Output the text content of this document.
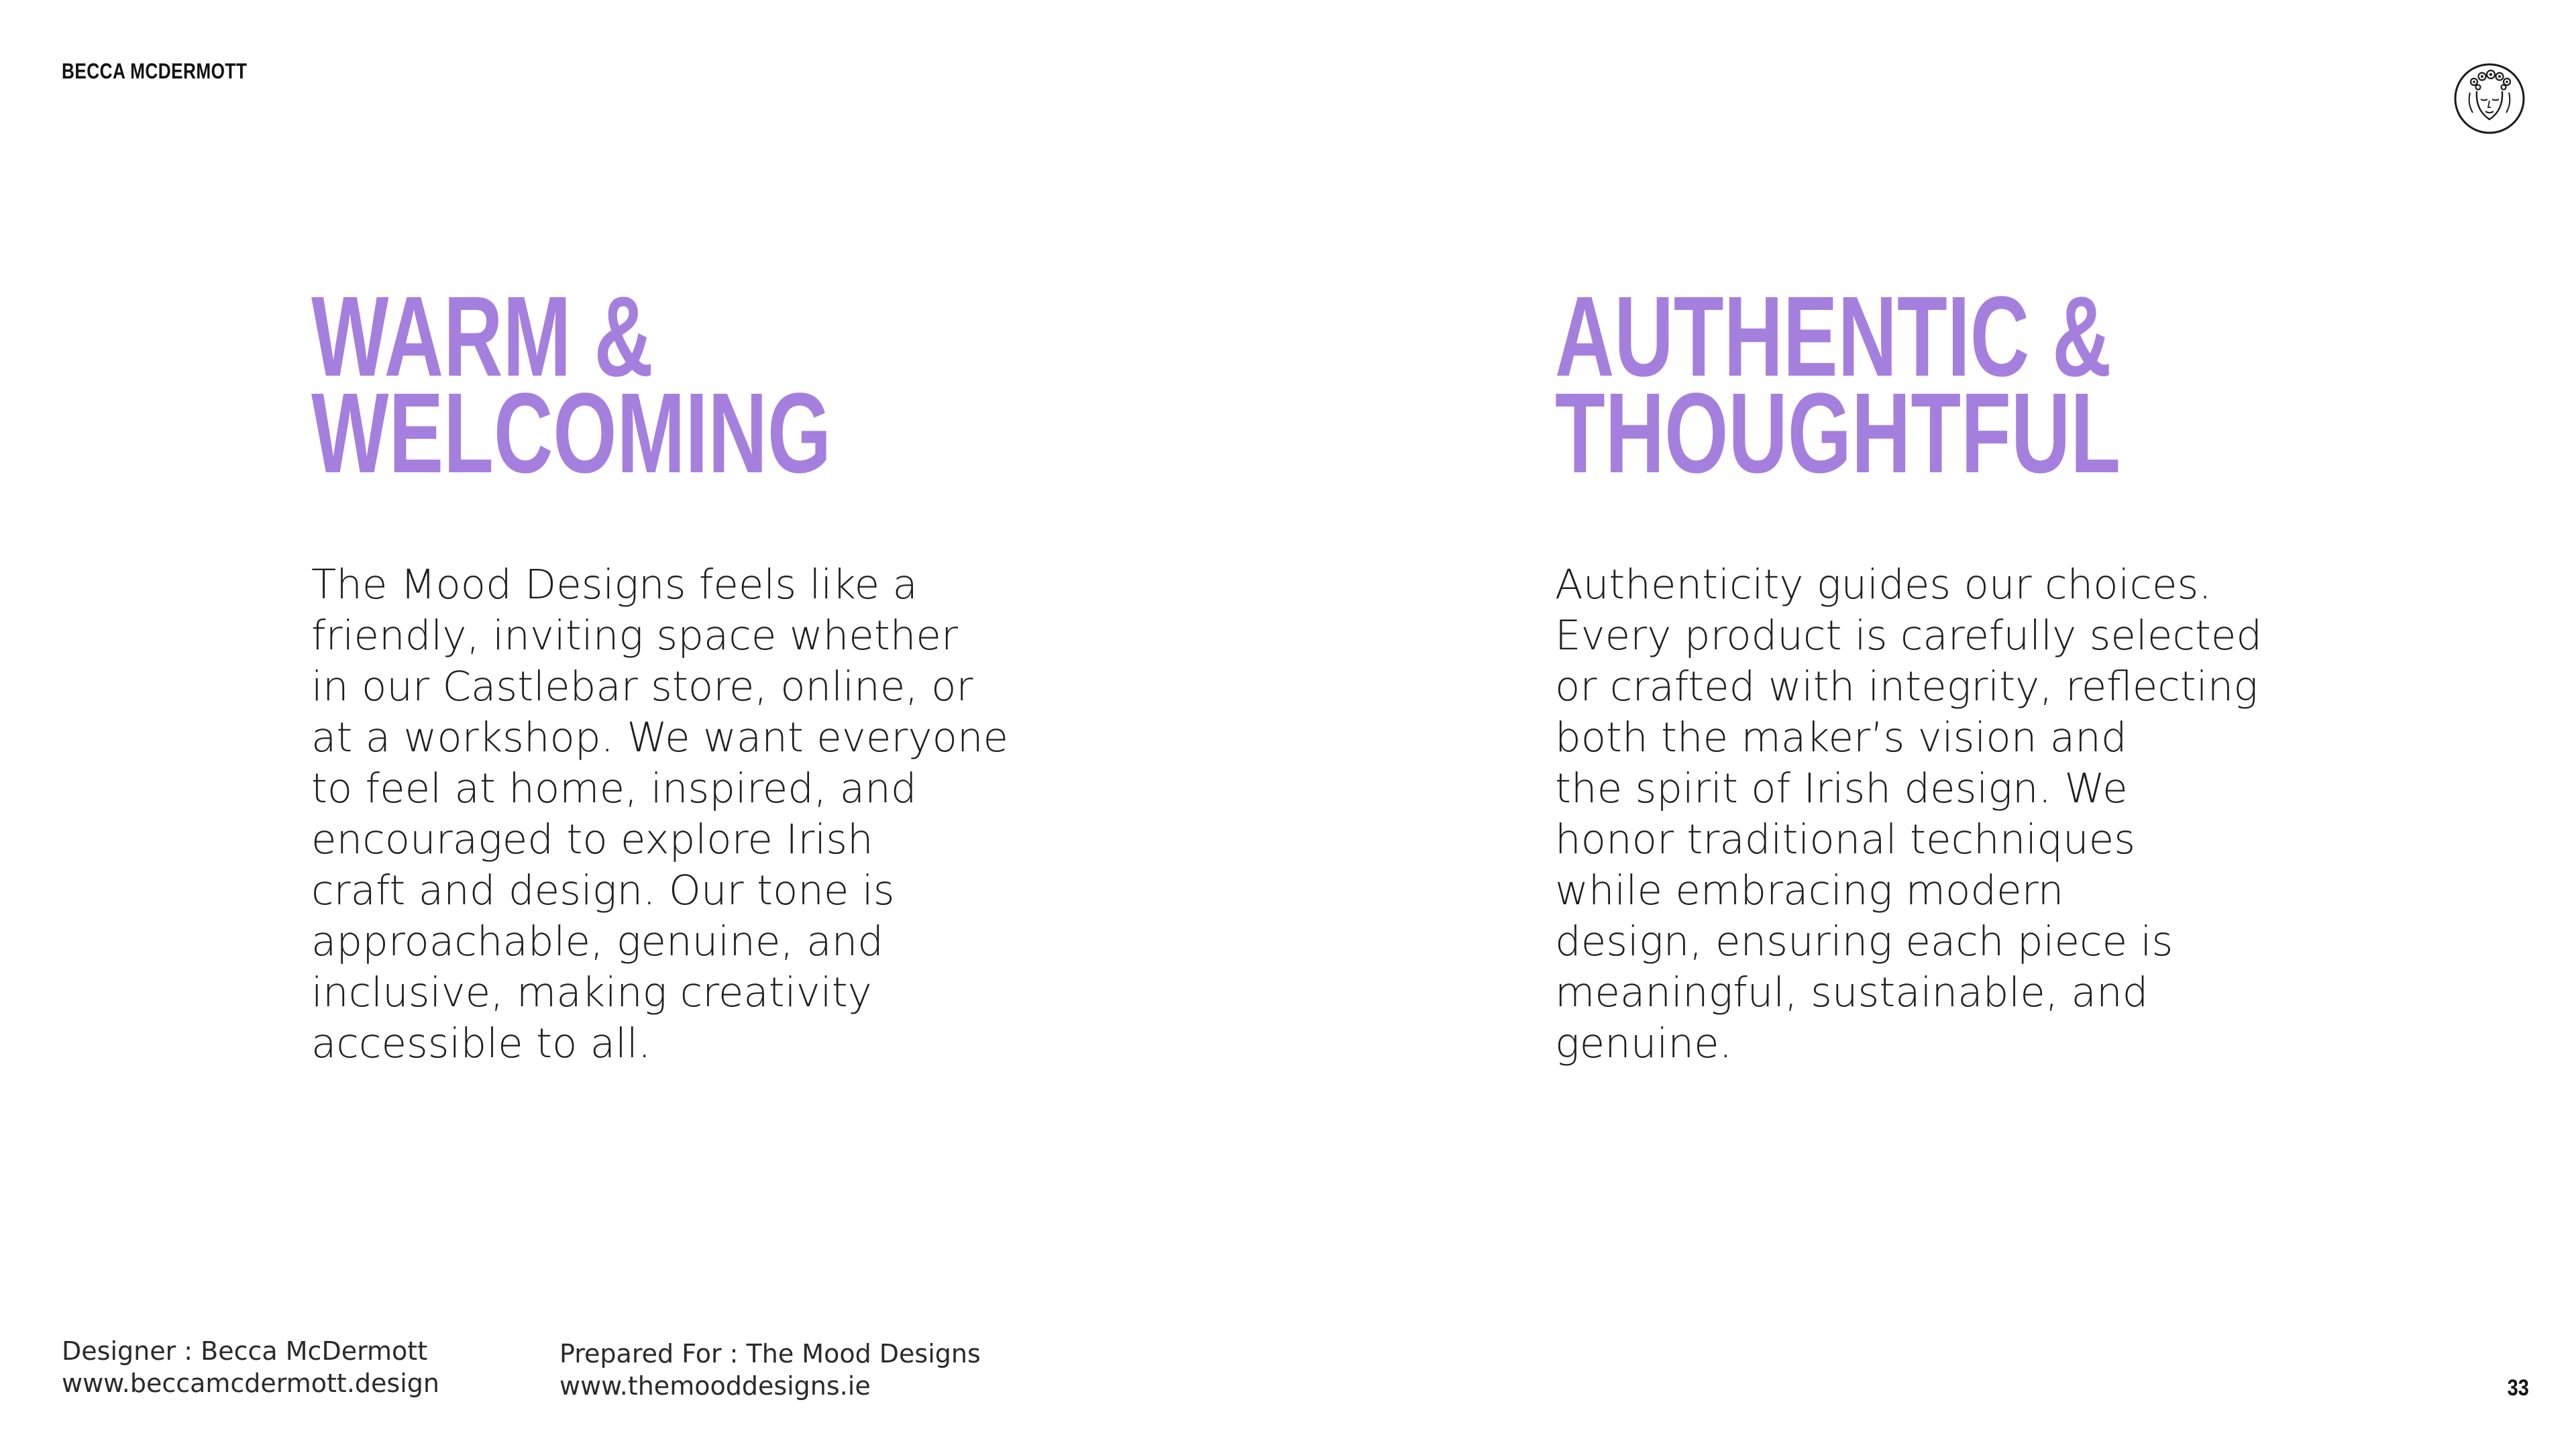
BECCA MCDERMOTT
WARM &
WELCOMING

The Mood Designs feels like a
friendly, inviting space whether
in our Castlebar store, online, or
at a workshop. We want everyone
to feel at home, inspired, and
encouraged to explore Irish
craft and design. Our tone is
approachable, genuine, and
inclusive, making creativity
accessible to all.

AUTHENTIC &
THOUGHTFUL

Authenticity guides our choices.
Every product is carefully selected
or crafted with integrity, reflecting
both the maker’s vision and
the spirit of Irish design. We
honor traditional techniques
while embracing modern
design, ensuring each piece is
meaningful, sustainable, and
genuine.

Designer : Becca McDermott
www.beccamcdermott.design
Prepared For : The Mood Designs
www.themooddesigns.ie	33
